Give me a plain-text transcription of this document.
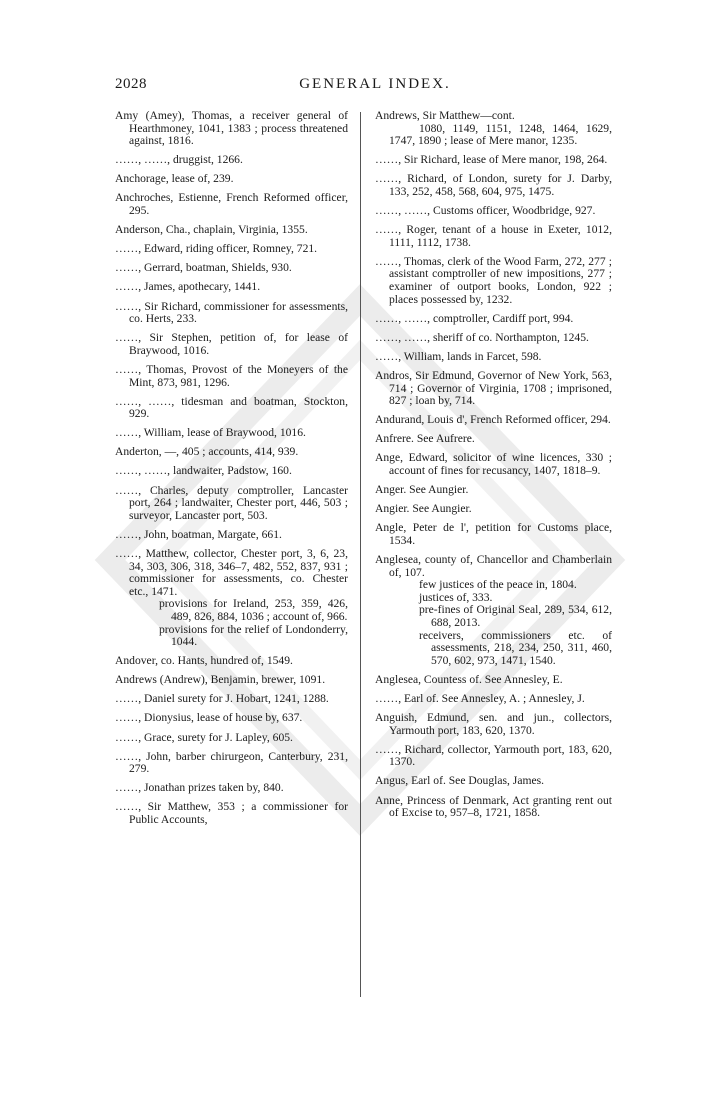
2028	GENERAL INDEX.
Amy (Amey), Thomas, a receiver general of Hearthmoney, 1041, 1383 ; process threatened against, 1816.
……, ……, druggist, 1266.
Anchorage, lease of, 239.
Anchroches, Estienne, French Reformed officer, 295.
Anderson, Cha., chaplain, Virginia, 1355.
……, Edward, riding officer, Romney, 721.
……, Gerrard, boatman, Shields, 930.
……, James, apothecary, 1441.
……, Sir Richard, commissioner for assessments, co. Herts, 233.
……, Sir Stephen, petition of, for lease of Braywood, 1016.
……, Thomas, Provost of the Moneyers of the Mint, 873, 981, 1296.
……, ……, tidesman and boatman, Stockton, 929.
……, William, lease of Braywood, 1016.
Anderton, —, 405 ; accounts, 414, 939.
……, ……, landwaiter, Padstow, 160.
……, Charles, deputy comptroller, Lancaster port, 264 ; landwaiter, Chester port, 446, 503 ; surveyor, Lancaster port, 503.
……, John, boatman, Margate, 661.
……, Matthew, collector, Chester port, 3, 6, 23, 34, 303, 306, 318, 346–7, 482, 552, 837, 931 ; commissioner for assessments, co. Chester etc., 1471.
provisions for Ireland, 253, 359, 426, 489, 826, 884, 1036 ; account of, 966.
provisions for the relief of Londonderry, 1044.
Andover, co. Hants, hundred of, 1549.
Andrews (Andrew), Benjamin, brewer, 1091.
……, Daniel surety for J. Hobart, 1241, 1288.
……, Dionysius, lease of house by, 637.
……, Grace, surety for J. Lapley, 605.
……, John, barber chirurgeon, Canterbury, 231, 279.
……, Jonathan prizes taken by, 840.
……, Sir Matthew, 353 ; a commissioner for Public Accounts,
Andrews, Sir Matthew—cont.
1080, 1149, 1151, 1248, 1464, 1629, 1747, 1890 ; lease of Mere manor, 1235.
……, Sir Richard, lease of Mere manor, 198, 264.
……, Richard, of London, surety for J. Darby, 133, 252, 458, 568, 604, 975, 1475.
……, ……, Customs officer, Woodbridge, 927.
……, Roger, tenant of a house in Exeter, 1012, 1111, 1112, 1738.
……, Thomas, clerk of the Wood Farm, 272, 277 ; assistant comptroller of new impositions, 277 ; examiner of outport books, London, 922 ; places possessed by, 1232.
……, ……, comptroller, Cardiff port, 994.
……, ……, sheriff of co. Northampton, 1245.
……, William, lands in Farcet, 598.
Andros, Sir Edmund, Governor of New York, 563, 714 ; Governor of Virginia, 1708 ; imprisoned, 827 ; loan by, 714.
Andurand, Louis d', French Reformed officer, 294.
Anfrere. See Aufrere.
Ange, Edward, solicitor of wine licences, 330 ; account of fines for recusancy, 1407, 1818–9.
Anger. See Aungier.
Angier. See Aungier.
Angle, Peter de l', petition for Customs place, 1534.
Anglesea, county of, Chancellor and Chamberlain of, 107.
few justices of the peace in, 1804.
justices of, 333.
pre-fines of Original Seal, 289, 534, 612, 688, 2013.
receivers, commissioners etc. of assessments, 218, 234, 250, 311, 460, 570, 602, 973, 1471, 1540.
Anglesea, Countess of. See Annesley, E.
……, Earl of. See Annesley, A. ; Annesley, J.
Anguish, Edmund, sen. and jun., collectors, Yarmouth port, 183, 620, 1370.
……, Richard, collector, Yarmouth port, 183, 620, 1370.
Angus, Earl of. See Douglas, James.
Anne, Princess of Denmark, Act granting rent out of Excise to, 957–8, 1721, 1858.
